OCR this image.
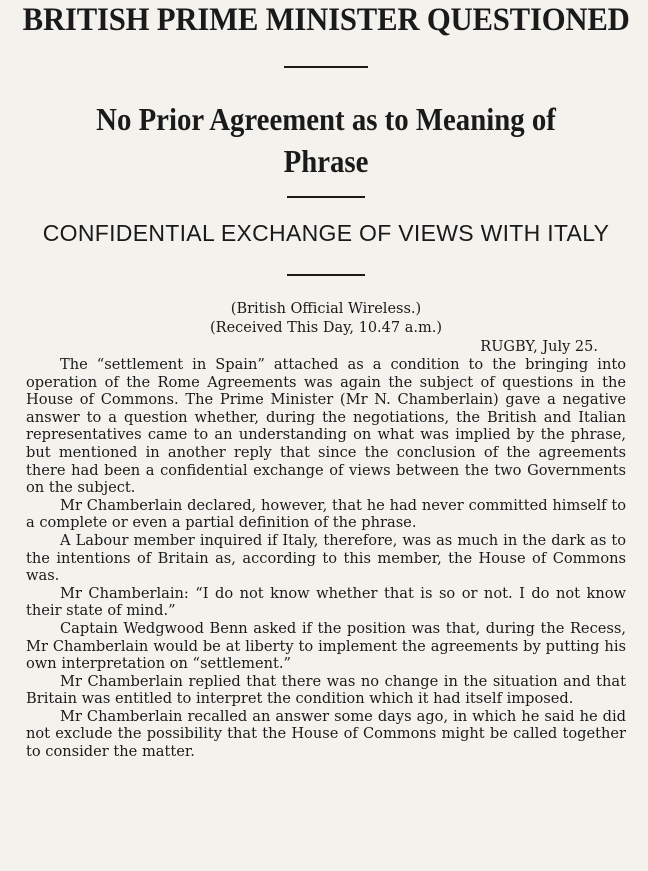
BRITISH PRIME MINISTER QUESTIONED
No Prior Agreement as to Meaning of Phrase
CONFIDENTIAL EXCHANGE OF VIEWS WITH ITALY
(British Official Wireless.)
(Received This Day, 10.47 a.m.)
RUGBY, July 25.

The “settlement in Spain” attached as a condition to the bringing into operation of the Rome Agreements was again the subject of questions in the House of Commons. The Prime Minister (Mr N. Chamberlain) gave a negative answer to a question whether, during the negotiations, the British and Italian representatives came to an understanding on what was implied by the phrase, but mentioned in another reply that since the conclusion of the agreements there had been a confidential exchange of views between the two Governments on the subject.

Mr Chamberlain declared, however, that he had never committed himself to a complete or even a partial definition of the phrase.

A Labour member inquired if Italy, therefore, was as much in the dark as to the intentions of Britain as, according to this member, the House of Commons was.

Mr Chamberlain: “I do not know whether that is so or not. I do not know their state of mind.”

Captain Wedgwood Benn asked if the position was that, during the Recess, Mr Chamberlain would be at liberty to implement the agreements by putting his own interpretation on “settlement.”

Mr Chamberlain replied that there was no change in the situation and that Britain was entitled to interpret the condition which it had itself imposed.

Mr Chamberlain recalled an answer some days ago, in which he said he did not exclude the possibility that the House of Commons might be called together to consider the matter.
